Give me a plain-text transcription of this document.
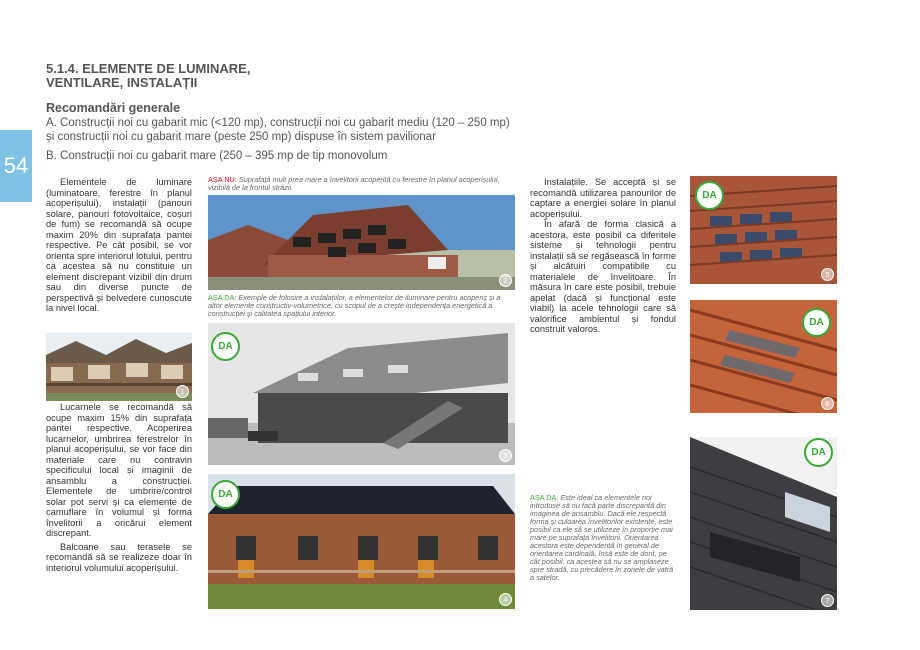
54
5.1.4. ELEMENTE DE LUMINARE,
VENTILARE, INSTALAȚII
Recomandări generale

A. Construcții noi cu gabarit mic (<120 mp), construcții noi cu gabarit mediu (120 – 250 mp) și construcții noi cu gabarit mare (peste 250 mp) dispuse în sistem pavilionar

B. Construcții noi cu gabarit mare (250 – 395 mp de tip monovolum

Elementele de luminare (luminatoare, ferestre în planul acoperișului), instalații (panouri solare, panouri fotovoltaice, coșuri de fum) se recomandă să ocupe maxim 20% din suprafața pantei respective. Pe cât posibil, se vor orienta spre interiorul lotului, pentru ca acestea să nu constituie un element discrepant vizibil din drum sau din diverse puncte de perspectivă și belvedere cunoscute la nivel local.

1

Lucarnele se recomandă să ocupe maxim 15% din suprafața pantei respective. Acoperirea lucarnelor, umbrirea ferestrelor în planul acoperișului, se vor face din materiale care nu contravin specificului local și imaginii de ansamblu a construcției. Elementele de umbrire/control solar pot servi și ca elemente de camuflare în volumul și forma învelitorii a oricărui element discrepant.

Balcoane sau terasele se recomandă să se realizeze doar în interiorul volumului acoperișului.

AȘA NU: Suprafață mult prea mare a învelitorii acoperită cu ferestre în planul acoperișului, vizibilă de la frontul străzii.
2
AȘA DA: Exemple de folosire a instalațiilor, a elementelor de iluminare pentru acoperiș și a altor elemente constructiv-volumetrice, cu scopul de a crește independența energetică a construcției și calitatea spațiului interior.
3
DA
4
DA

Instalațiile. Se acceptă și se recomandă utilizarea panourilor de captare a energiei solare în planul acoperișului.

În afară de forma clasică a acestora, este posibil ca diferitele sisteme și tehnologii pentru instalații să se regăsească în forme și alcătuiri compatibile cu materialele de învelitoare. În măsura în care este posibil, trebuie apelat (dacă și funcțional este viabil) la acele tehnologii care să valorifice ambientul și fondul construit valoros.

AȘA DA: Este ideal ca elementele noi introduse să nu facă parte discrepantă din imaginea de ansamblu. Dacă ele respectă forma și culoarea învelitorilor existente, este posibil ca ele să se utilizeze în proporție mai mare pe suprafața învelitorii. Orientarea acestora este dependentă în general de orientarea cardinală, însă este de dorit, pe cât posibil, ca acestea să nu se amplaseze spre stradă, cu precădere în zonele de vatră a satelor.
5
DA
6
DA
7
DA
